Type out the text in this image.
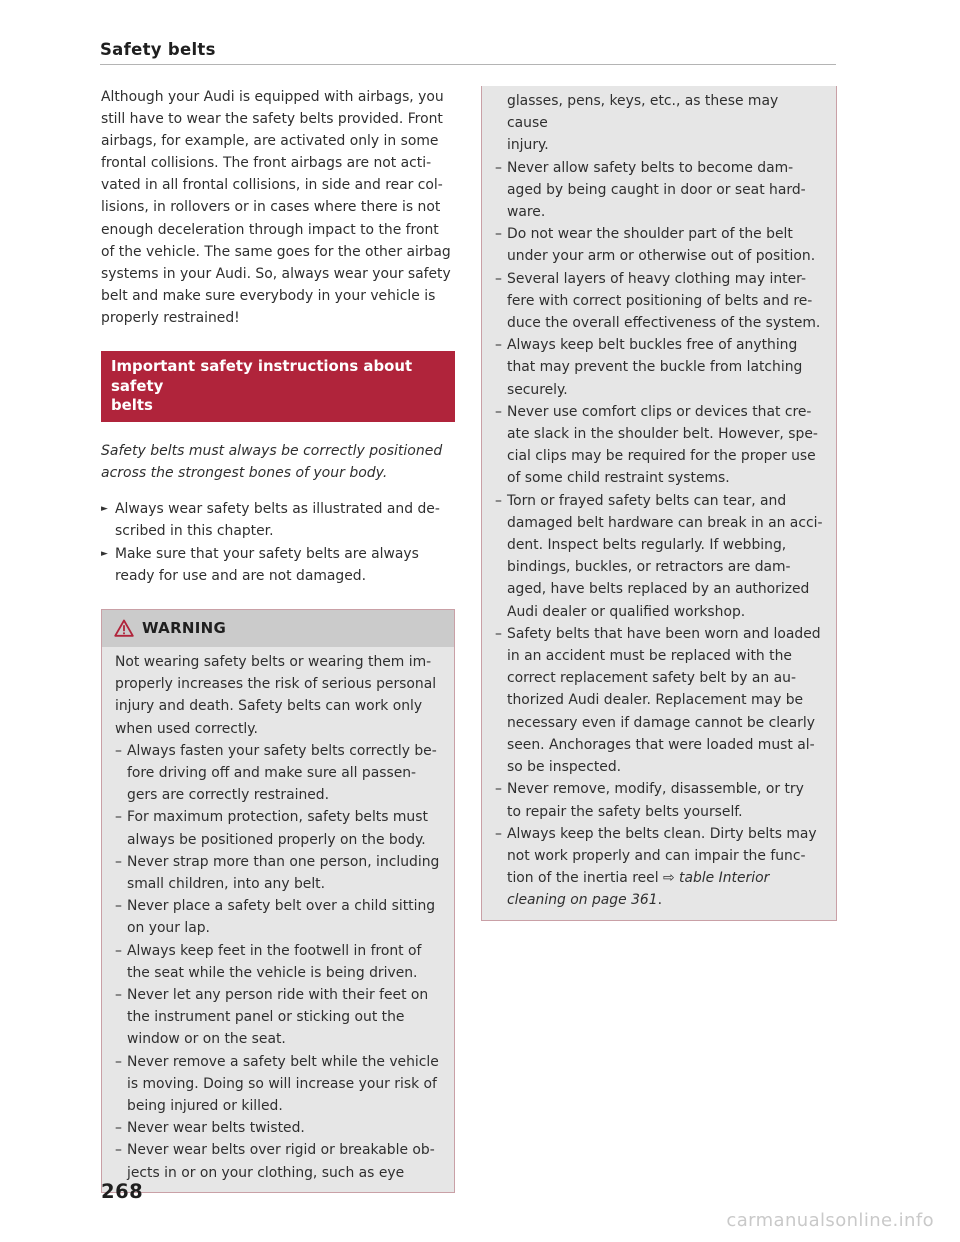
Safety belts

Although your Audi is equipped with airbags, you
still have to wear the safety belts provided. Front
airbags, for example, are activated only in some
frontal collisions. The front airbags are not acti-
vated in all frontal collisions, in side and rear col-
lisions, in rollovers or in cases where there is not
enough deceleration through impact to the front
of the vehicle. The same goes for the other airbag
systems in your Audi. So, always wear your safety
belt and make sure everybody in your vehicle is
properly restrained!

Important safety instructions about safety
belts

Safety belts must always be correctly positioned
across the strongest bones of your body.

► Always wear safety belts as illustrated and de-
scribed in this chapter.
► Make sure that your safety belts are always
ready for use and are not damaged.
WARNING

Not wearing safety belts or wearing them im-
properly increases the risk of serious personal
injury and death. Safety belts can work only
when used correctly.

– Always fasten your safety belts correctly be-
fore driving off and make sure all passen-
gers are correctly restrained.
– For maximum protection, safety belts must
always be positioned properly on the body.
– Never strap more than one person, including
small children, into any belt.
– Never place a safety belt over a child sitting
on your lap.
– Always keep feet in the footwell in front of
the seat while the vehicle is being driven.
– Never let any person ride with their feet on
the instrument panel or sticking out the
window or on the seat.
– Never remove a safety belt while the vehicle
is moving. Doing so will increase your risk of
being injured or killed.
– Never wear belts twisted.
– Never wear belts over rigid or breakable ob-
jects in or on your clothing, such as eye

glasses, pens, keys, etc., as these may cause
injury.

– Never allow safety belts to become dam-
aged by being caught in door or seat hard-
ware.
– Do not wear the shoulder part of the belt
under your arm or otherwise out of position.
– Several layers of heavy clothing may inter-
fere with correct positioning of belts and re-
duce the overall effectiveness of the system.
– Always keep belt buckles free of anything
that may prevent the buckle from latching
securely.
– Never use comfort clips or devices that cre-
ate slack in the shoulder belt. However, spe-
cial clips may be required for the proper use
of some child restraint systems.
– Torn or frayed safety belts can tear, and
damaged belt hardware can break in an acci-
dent. Inspect belts regularly. If webbing,
bindings, buckles, or retractors are dam-
aged, have belts replaced by an authorized
Audi dealer or qualified workshop.
– Safety belts that have been worn and loaded
in an accident must be replaced with the
correct replacement safety belt by an au-
thorized Audi dealer. Replacement may be
necessary even if damage cannot be clearly
seen. Anchorages that were loaded must al-
so be inspected.
– Never remove, modify, disassemble, or try
to repair the safety belts yourself.
– Always keep the belts clean. Dirty belts may
not work properly and can impair the func-
tion of the inertia reel ⇨ table Interior
cleaning on page 361.
268
carmanualsonline.info
